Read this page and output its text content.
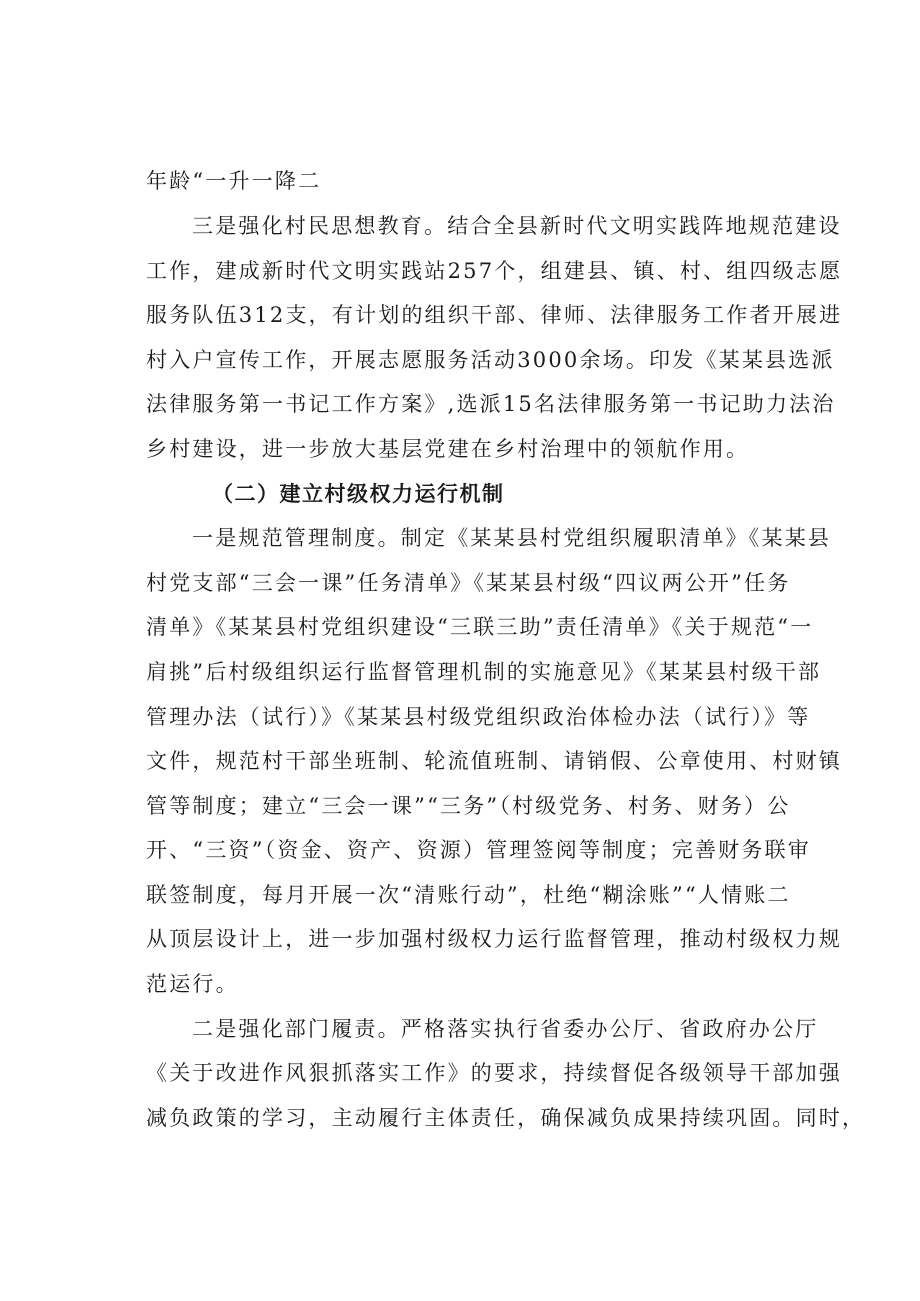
年龄“一升一降二
三是强化村民思想教育。结合全县新时代文明实践阵地规范建设
工作，建成新时代文明实践站257个，组建县、镇、村、组四级志愿
服务队伍312支，有计划的组织干部、律师、法律服务工作者开展进
村入户宣传工作，开展志愿服务活动3000余场。印发《某某县选派
法律服务第一书记工作方案》,选派15名法律服务第一书记助力法治
乡村建设，进一步放大基层党建在乡村治理中的领航作用。
（二）建立村级权力运行机制
一是规范管理制度。制定《某某县村党组织履职清单》《某某县
村党支部“三会一课”任务清单》《某某县村级“四议两公开”任务
清单》《某某县村党组织建设“三联三助”责任清单》《关于规范“一
肩挑”后村级组织运行监督管理机制的实施意见》《某某县村级干部
管理办法（试行）》《某某县村级党组织政治体检办法（试行）》等
文件，规范村干部坐班制、轮流值班制、请销假、公章使用、村财镇
管等制度；建立“三会一课”“三务”（村级党务、村务、财务）公
开、“三资”（资金、资产、资源）管理签阅等制度；完善财务联审
联签制度，每月开展一次“清账行动”，杜绝“糊涂账”“人情账二
从顶层设计上，进一步加强村级权力运行监督管理，推动村级权力规
范运行。
二是强化部门履责。严格落实执行省委办公厅、省政府办公厅
《关于改进作风狠抓落实工作》的要求，持续督促各级领导干部加强
减负政策的学习，主动履行主体责任，确保减负成果持续巩固。同时，
